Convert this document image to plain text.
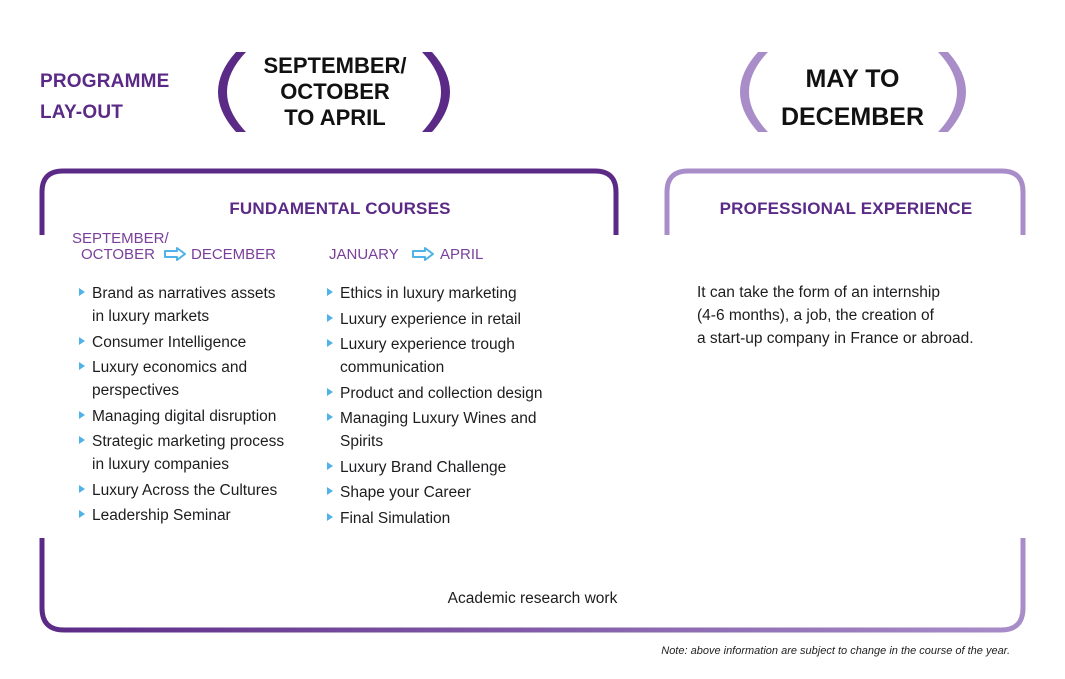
PROGRAMME
LAY-OUT
SEPTEMBER/
OCTOBER
TO APRIL
MAY TO
DECEMBER
FUNDAMENTAL COURSES	PROFESSIONAL EXPERIENCE
SEPTEMBER/
OCTOBER DECEMBER	JANUARY	APRIL
Brand as narratives assets
in luxury markets
Consumer Intelligence
Luxury economics and
perspectives
Managing digital disruption
Strategic marketing process
in luxury companies
Luxury Across the Cultures
Leadership Seminar
Ethics in luxury marketing
Luxury experience in retail
Luxury experience trough
communication
Product and collection design
Managing Luxury Wines and
Spirits
Luxury Brand Challenge
Shape your Career
Final Simulation
It can take the form of an internship
(4-6 months), a job, the creation of
a start-up company in France or abroad.
Academic research work
Note: above information are subject to change in the course of the year.
